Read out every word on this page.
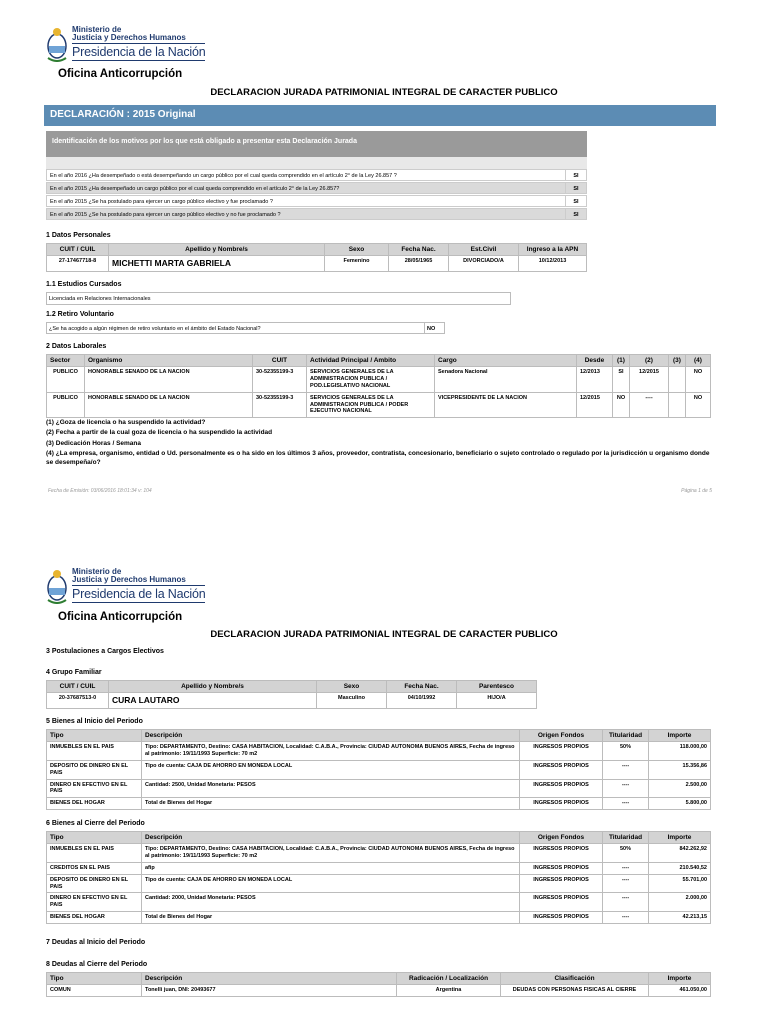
Ministerio de
Justicia y Derechos Humanos
Presidencia de la Nación
Oficina Anticorrupción
DECLARACION JURADA PATRIMONIAL INTEGRAL DE CARACTER PUBLICO
DECLARACIÓN : 2015 Original
Identificación de los motivos por los que está obligado a presentar esta Declaración Jurada
En el año 2016 ¿Ha desempeñado o está desempeñando un cargo público por el cual queda comprendido en el artículo 2° de la Ley 26.857 ?	SI
En el año 2015 ¿Ha desempeñado un cargo público por el cual queda comprendido en el artículo 2° de la Ley 26.857?	SI
En el año 2015 ¿Se ha postulado para ejercer un cargo público electivo y fue proclamado ?	SI
En el año 2015 ¿Se ha postulado para ejercer un cargo público electivo y no fue proclamado ?	SI
1 Datos Personales
CUIT / CUIL	Apellido y Nombre/s	Sexo	Fecha Nac.	Est.Civil	Ingreso a la APN
27-17467718-8	MICHETTI MARTA GABRIELA	Femenino	28/05/1965	DIVORCIADO/A	10/12/2013
1.1 Estudios Cursados
Licenciada en Relaciones Internacionales
1.2 Retiro Voluntario
¿Se ha acogido a algún régimen de retiro voluntario en el ámbito del Estado Nacional?	NO
2 Datos Laborales
Sector	Organismo	CUIT	Actividad Principal / Ambito	Cargo	Desde	(1)	(2)	(3)	(4)
PUBLICO	HONORABLE SENADO DE LA NACION	30-52355199-3	SERVICIOS GENERALES DE LA ADMINISTRACION PUBLICA / POD.LEGISLATIVO NACIONAL	Senadora Nacional	12/2013	SI	12/2015		NO
PUBLICO	HONORABLE SENADO DE LA NACION	30-52355199-3	SERVICIOS GENERALES DE LA ADMINISTRACION PUBLICA / PODER EJECUTIVO NACIONAL	VICEPRESIDENTE DE LA NACION	12/2015	NO	----		NO
(1) ¿Goza de licencia o ha suspendido la actividad?
(2) Fecha a partir de la cual goza de licencia o ha suspendido la actividad
(3) Dedicación Horas / Semana
(4) ¿La empresa, organismo, entidad o Ud. personalmente es o ha sido en los últimos 3 años, proveedor, contratista, concesionario, beneficiario o sujeto controlado o regulado por la jurisdicción u organismo donde se desempeña/o?
Fecha de Emisión: 03/06/2016 18:01:34 v: 104	Página 1 de 5
Ministerio de
Justicia y Derechos Humanos
Presidencia de la Nación
Oficina Anticorrupción
DECLARACION JURADA PATRIMONIAL INTEGRAL DE CARACTER PUBLICO
3 Postulaciones a Cargos Electivos
4 Grupo Familiar
CUIT / CUIL	Apellido y Nombre/s	Sexo	Fecha Nac.	Parentesco
20-37687513-0	CURA LAUTARO	Masculino	04/10/1992	HIJO/A
5 Bienes al Inicio del Periodo
Tipo	Descripción	Origen Fondos	Titularidad	Importe
INMUEBLES EN EL PAIS	Tipo: DEPARTAMENTO, Destino: CASA HABITACION, Localidad: C.A.B.A., Provincia: CIUDAD AUTONOMA BUENOS AIRES, Fecha de ingreso al patrimonio: 19/11/1993 Superficie: 70 m2	INGRESOS PROPIOS	50%	118.000,00
DEPOSITO DE DINERO EN EL PAIS	Tipo de cuenta: CAJA DE AHORRO EN MONEDA LOCAL	INGRESOS PROPIOS	----	15.356,86
DINERO EN EFECTIVO EN EL PAIS	Cantidad: 2500, Unidad Monetaria: PESOS	INGRESOS PROPIOS	----	2.500,00
BIENES DEL HOGAR	Total de Bienes del Hogar	INGRESOS PROPIOS	----	5.800,00
6 Bienes al Cierre del Periodo
Tipo	Descripción	Origen Fondos	Titularidad	Importe
INMUEBLES EN EL PAIS	Tipo: DEPARTAMENTO, Destino: CASA HABITACION, Localidad: C.A.B.A., Provincia: CIUDAD AUTONOMA BUENOS AIRES, Fecha de ingreso al patrimonio: 19/11/1993 Superficie: 70 m2	INGRESOS PROPIOS	50%	842.262,92
CREDITOS EN EL PAIS	afip	INGRESOS PROPIOS	----	210.540,52
DEPOSITO DE DINERO EN EL PAIS	Tipo de cuenta: CAJA DE AHORRO EN MONEDA LOCAL	INGRESOS PROPIOS	----	55.701,00
DINERO EN EFECTIVO EN EL PAIS	Cantidad: 2000, Unidad Monetaria: PESOS	INGRESOS PROPIOS	----	2.000,00
BIENES DEL HOGAR	Total de Bienes del Hogar	INGRESOS PROPIOS	----	42.213,15
7 Deudas al Inicio del Periodo
8 Deudas al Cierre del Periodo
Tipo	Descripción	Radicación / Localización	Clasificación	Importe
COMUN	Tonelli juan, DNI: 20493677	Argentina	DEUDAS CON PERSONAS FISICAS AL CIERRE	461.050,00
